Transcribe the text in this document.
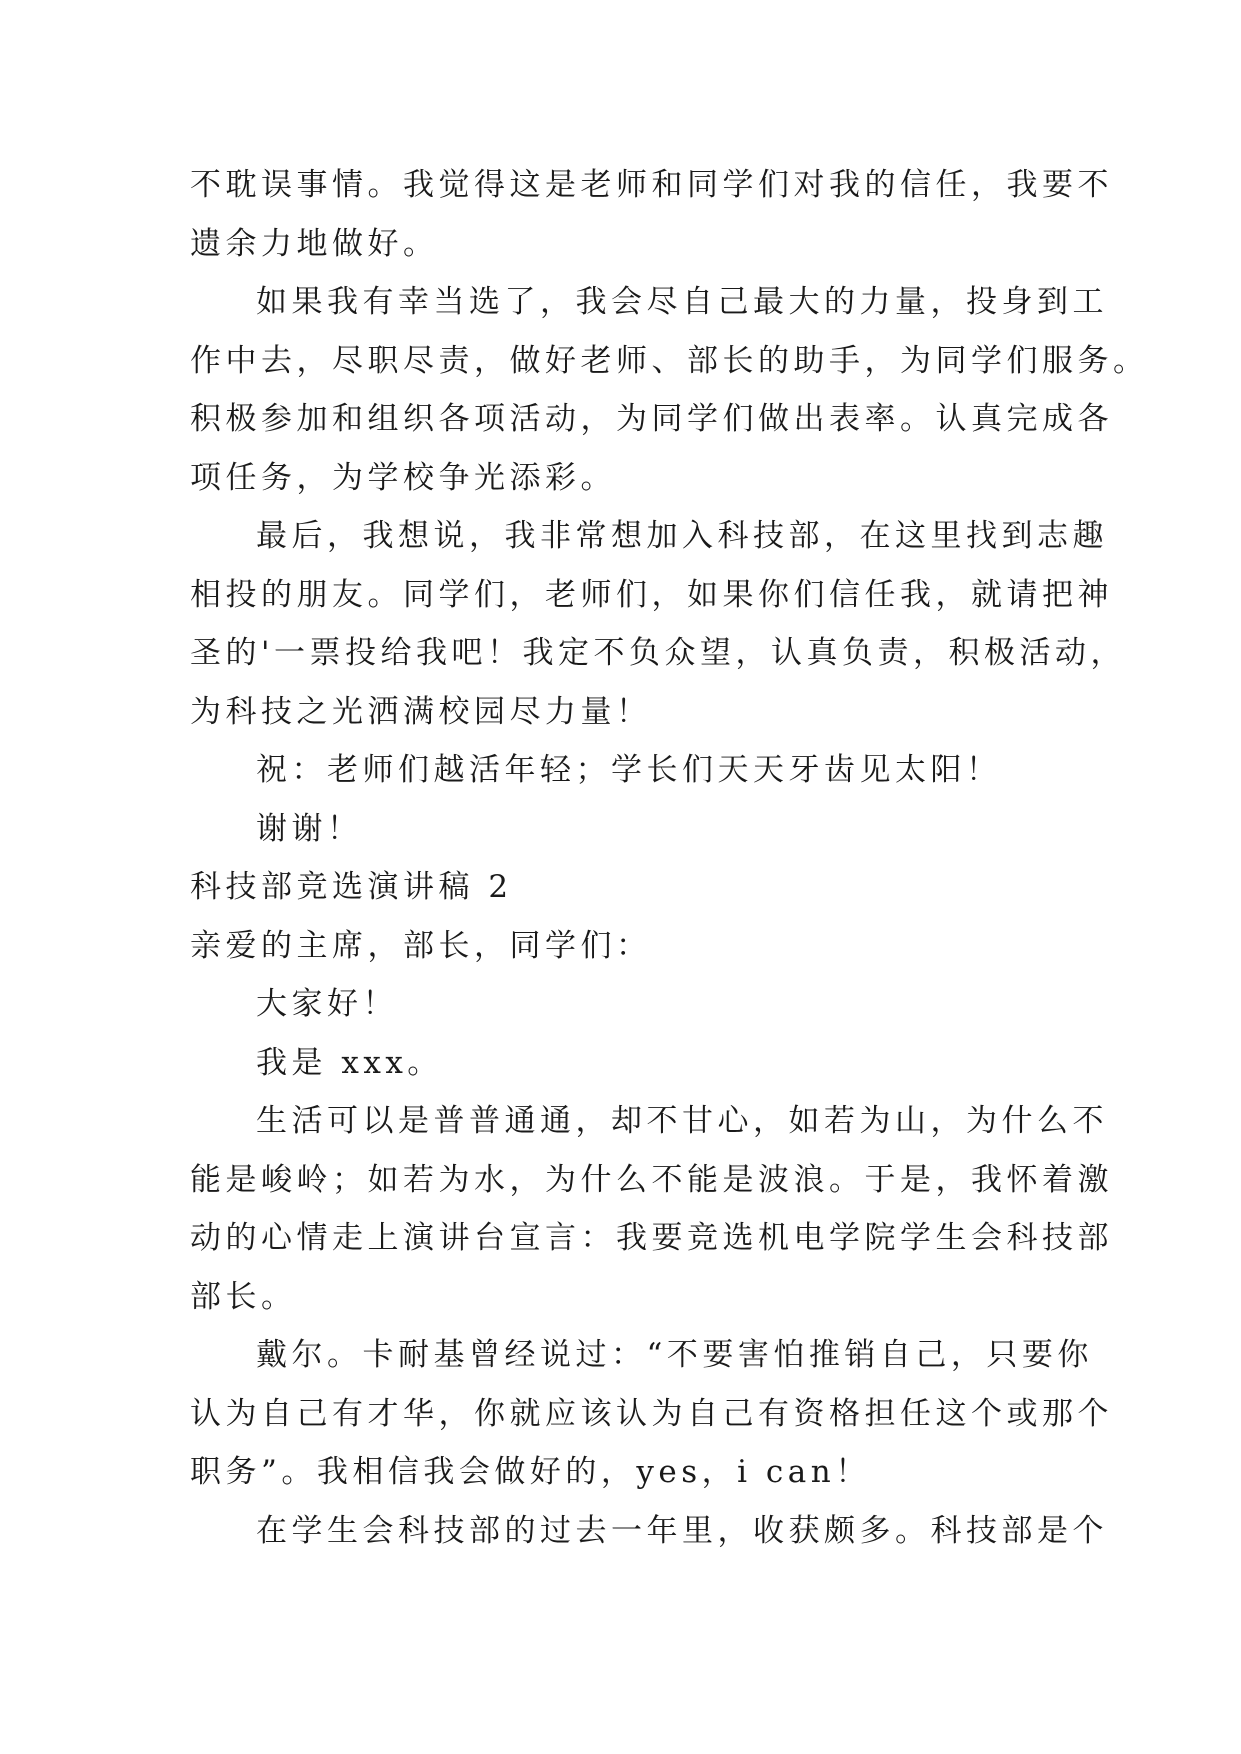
不耽误事情。我觉得这是老师和同学们对我的信任，我要不
遗余力地做好。
如果我有幸当选了，我会尽自己最大的力量，投身到工
作中去，尽职尽责，做好老师、部长的助手，为同学们服务。
积极参加和组织各项活动，为同学们做出表率。认真完成各
项任务，为学校争光添彩。
最后，我想说，我非常想加入科技部，在这里找到志趣
相投的朋友。同学们，老师们，如果你们信任我，就请把神
圣的'一票投给我吧！我定不负众望，认真负责，积极活动，
为科技之光洒满校园尽力量！
祝：老师们越活年轻；学长们天天牙齿见太阳！
谢谢！
科技部竞选演讲稿 2
亲爱的主席，部长，同学们：
大家好！
我是 xxx。
生活可以是普普通通，却不甘心，如若为山，为什么不
能是峻岭；如若为水，为什么不能是波浪。于是，我怀着激
动的心情走上演讲台宣言：我要竞选机电学院学生会科技部
部长。
戴尔。卡耐基曾经说过：“不要害怕推销自己，只要你
认为自己有才华，你就应该认为自己有资格担任这个或那个
职务”。我相信我会做好的，yes，i can！
在学生会科技部的过去一年里，收获颇多。科技部是个
